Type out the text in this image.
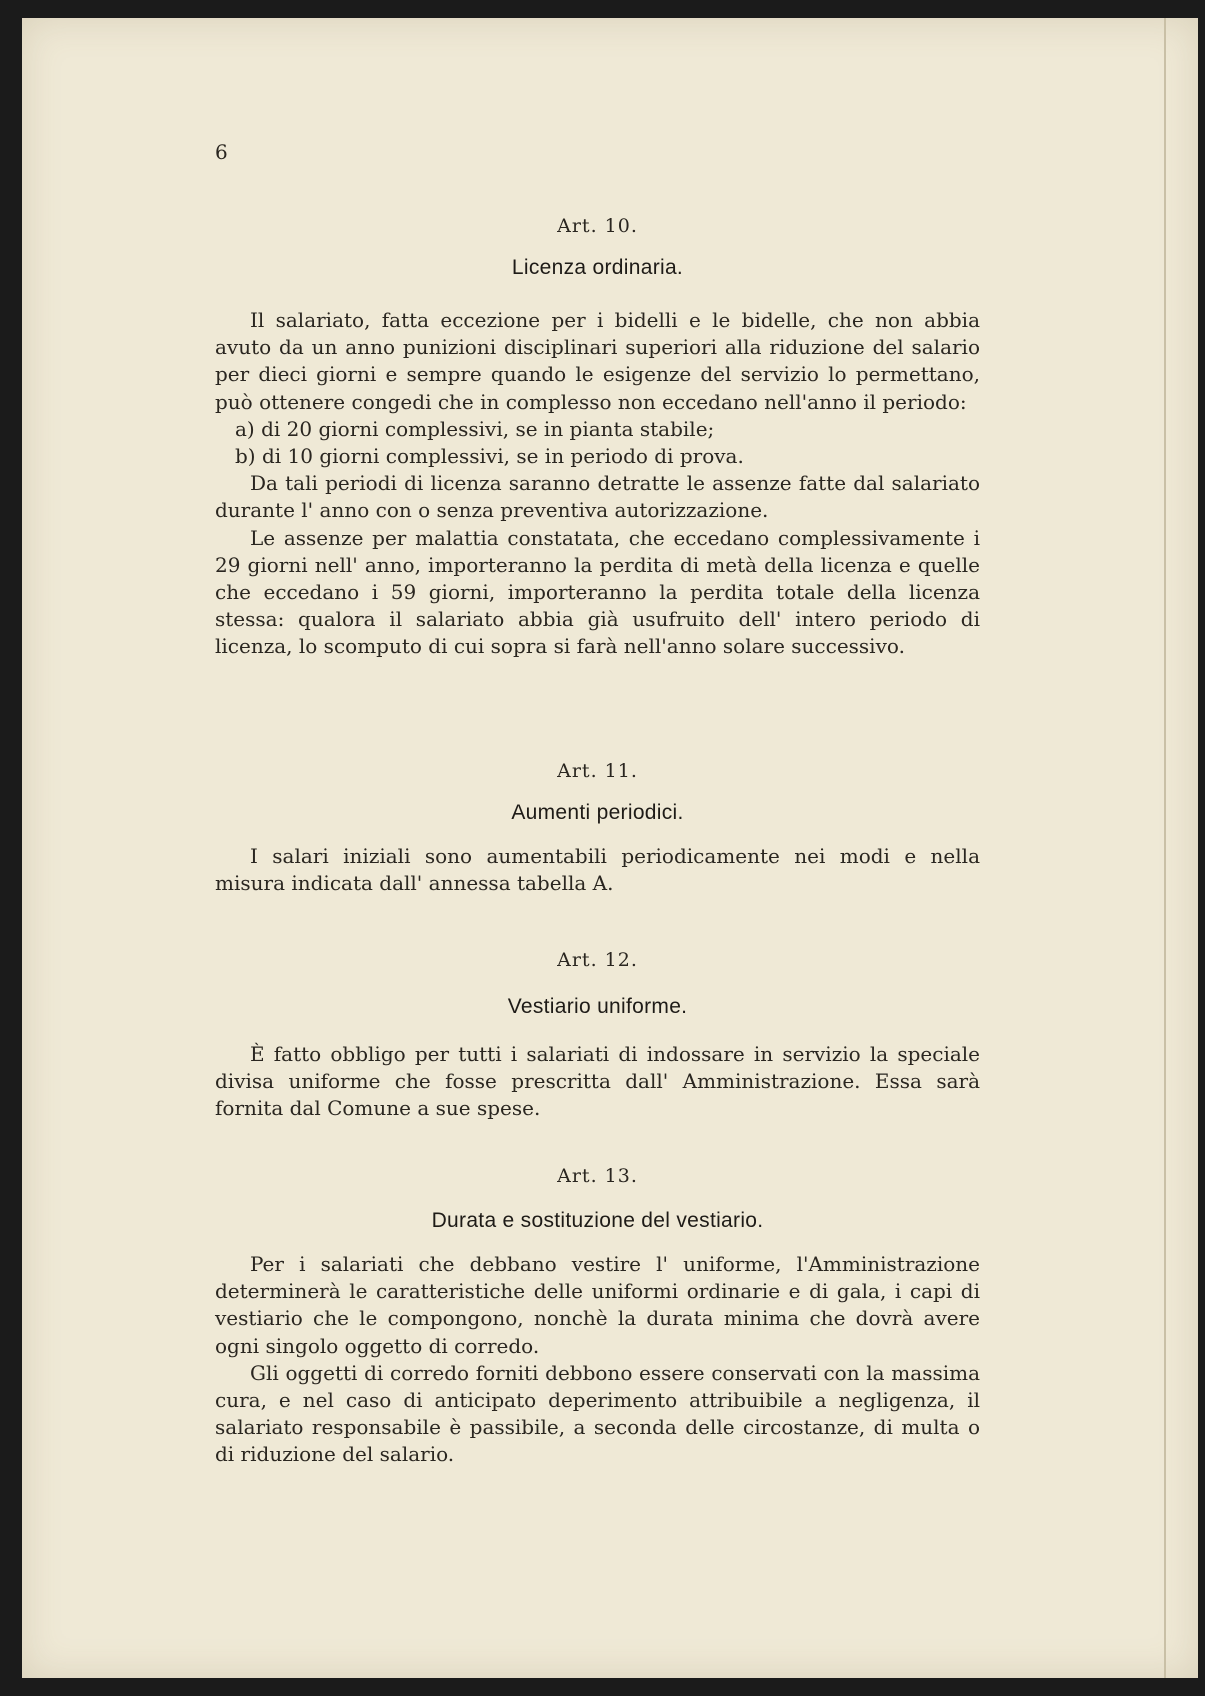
6
Art. 10.
Licenza ordinaria.

Il salariato, fatta eccezione per i bidelli e le bidelle, che non abbia avuto da un anno punizioni disciplinari superiori alla riduzione del salario per dieci giorni e sempre quando le esigenze del servizio lo permettano, può ottenere congedi che in complesso non eccedano nell'anno il periodo:

a) di 20 giorni complessivi, se in pianta stabile;

b) di 10 giorni complessivi, se in periodo di prova.

Da tali periodi di licenza saranno detratte le assenze fatte dal salariato durante l' anno con o senza preventiva autorizzazione.

Le assenze per malattia constatata, che eccedano complessivamente i 29 giorni nell' anno, importeranno la perdita di metà della licenza e quelle che eccedano i 59 giorni, importeranno la perdita totale della licenza stessa: qualora il salariato abbia già usufruito dell' intero periodo di licenza, lo scomputo di cui sopra si farà nell'anno solare successivo.

Art. 11.
Aumenti periodici.

I salari iniziali sono aumentabili periodicamente nei modi e nella misura indicata dall' annessa tabella A.

Art. 12.
Vestiario uniforme.

È fatto obbligo per tutti i salariati di indossare in servizio la speciale divisa uniforme che fosse prescritta dall' Amministrazione. Essa sarà fornita dal Comune a sue spese.

Art. 13.
Durata e sostituzione del vestiario.

Per i salariati che debbano vestire l' uniforme, l'Amministrazione determinerà le caratteristiche delle uniformi ordinarie e di gala, i capi di vestiario che le compongono, nonchè la durata minima che dovrà avere ogni singolo oggetto di corredo.

Gli oggetti di corredo forniti debbono essere conservati con la massima cura, e nel caso di anticipato deperimento attribuibile a negligenza, il salariato responsabile è passibile, a seconda delle circostanze, di multa o di riduzione del salario.
